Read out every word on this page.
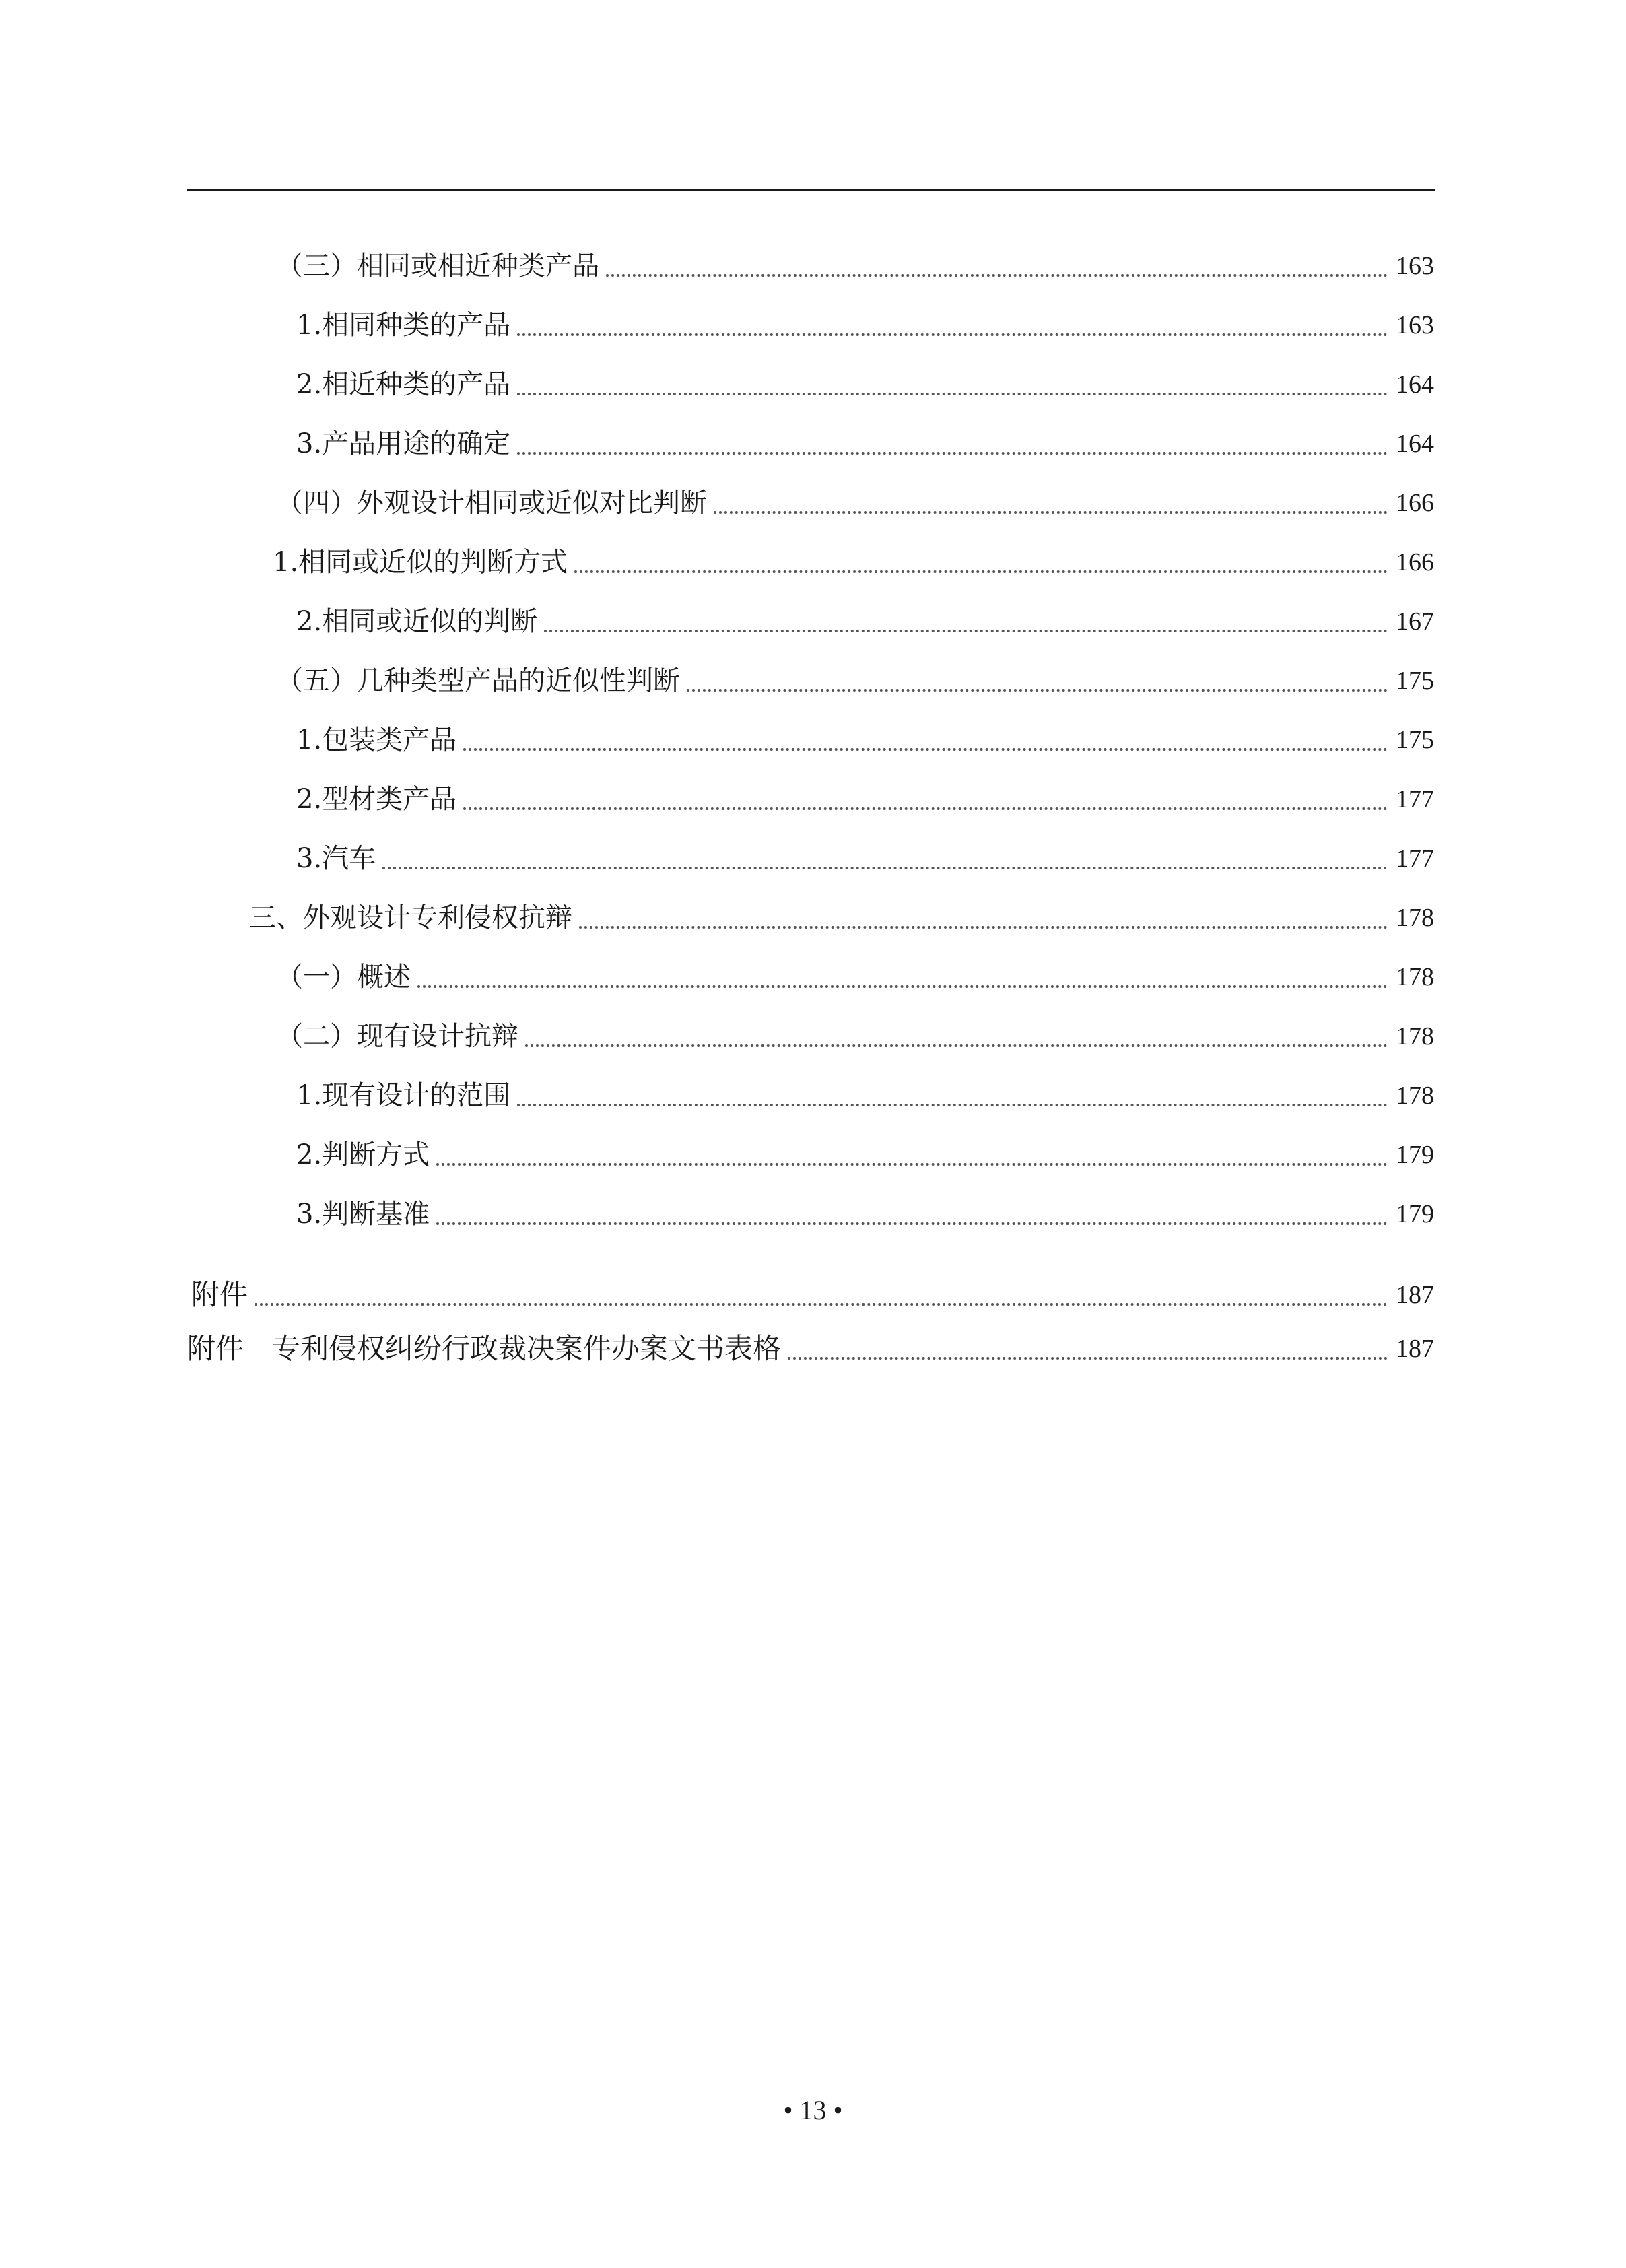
（三）相同或相近种类产品	163
1.相同种类的产品	163
2.相近种类的产品	164
3.产品用途的确定	164
（四）外观设计相同或近似对比判断	166
1.相同或近似的判断方式	166
2.相同或近似的判断	167
（五）几种类型产品的近似性判断	175
1.包装类产品	175
2.型材类产品	177
3.汽车	177
三、外观设计专利侵权抗辩	178
（一）概述	178
（二）现有设计抗辩	178
1.现有设计的范围	178
2.判断方式	179
3.判断基准	179
附件	187
附件　专利侵权纠纷行政裁决案件办案文书表格	187
• 13 •
